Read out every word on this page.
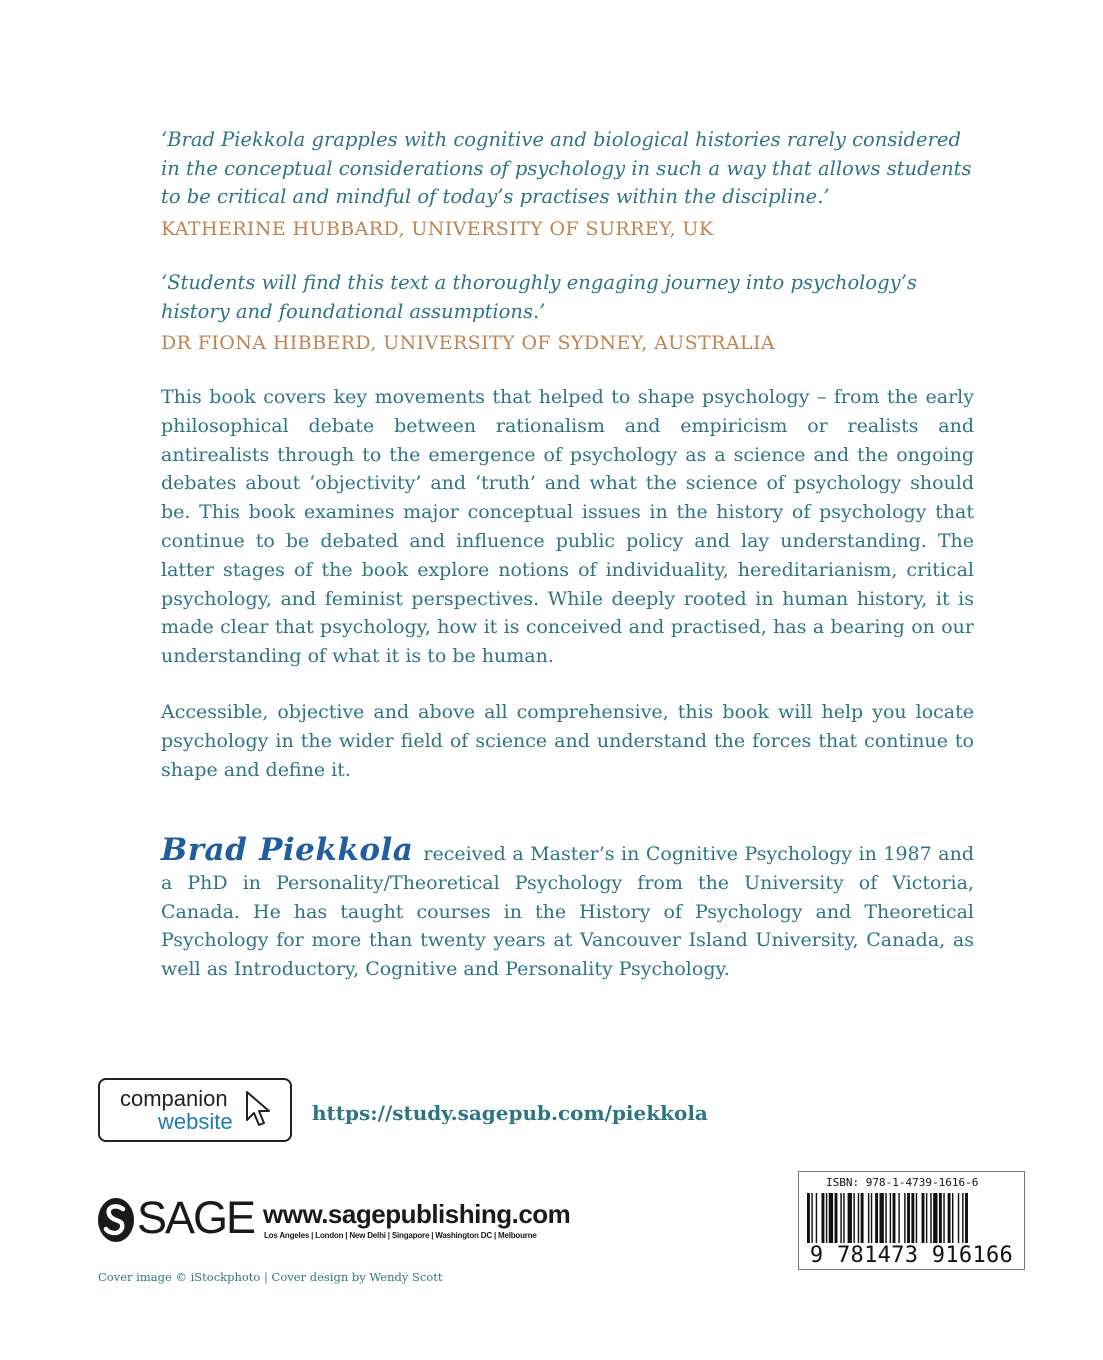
‘Brad Piekkola grapples with cognitive and biological histories rarely considered in the conceptual considerations of psychology in such a way that allows students to be critical and mindful of today’s practises within the discipline.’

KATHERINE HUBBARD, UNIVERSITY OF SURREY, UK

‘Students will find this text a thoroughly engaging journey into psychology’s history and foundational assumptions.’

DR FIONA HIBBERD, UNIVERSITY OF SYDNEY, AUSTRALIA

This book covers key movements that helped to shape psychology – from the early philosophical debate between rationalism and empiricism or realists and antirealists through to the emergence of psychology as a science and the ongoing debates about ‘objectivity’ and ‘truth’ and what the science of psychology should be. This book examines major conceptual issues in the history of psychology that continue to be debated and influence public policy and lay understanding. The latter stages of the book explore notions of individuality, hereditarianism, critical psychology, and feminist perspectives. While deeply rooted in human history, it is made clear that psychology, how it is conceived and practised, has a bearing on our understanding of what it is to be human.

Accessible, objective and above all comprehensive, this book will help you locate psychology in the wider field of science and understand the forces that continue to shape and define it.

Brad Piekkola received a Master’s in Cognitive Psychology in 1987 and a PhD in Personality/Theoretical Psychology from the University of Victoria, Canada. He has taught courses in the History of Psychology and Theoretical Psychology for more than twenty years at Vancouver Island University, Canada, as well as Introductory, Cognitive and Personality Psychology.

companion
website	https://study.sagepub.com/piekkola
SAGE www.sagepublishing.com
Los Angeles | London | New Delhi | Singapore | Washington DC | Melbourne
Cover image © iStockphoto | Cover design by Wendy Scott
ISBN: 978-1-4739-1616-6
9 781473 916166
